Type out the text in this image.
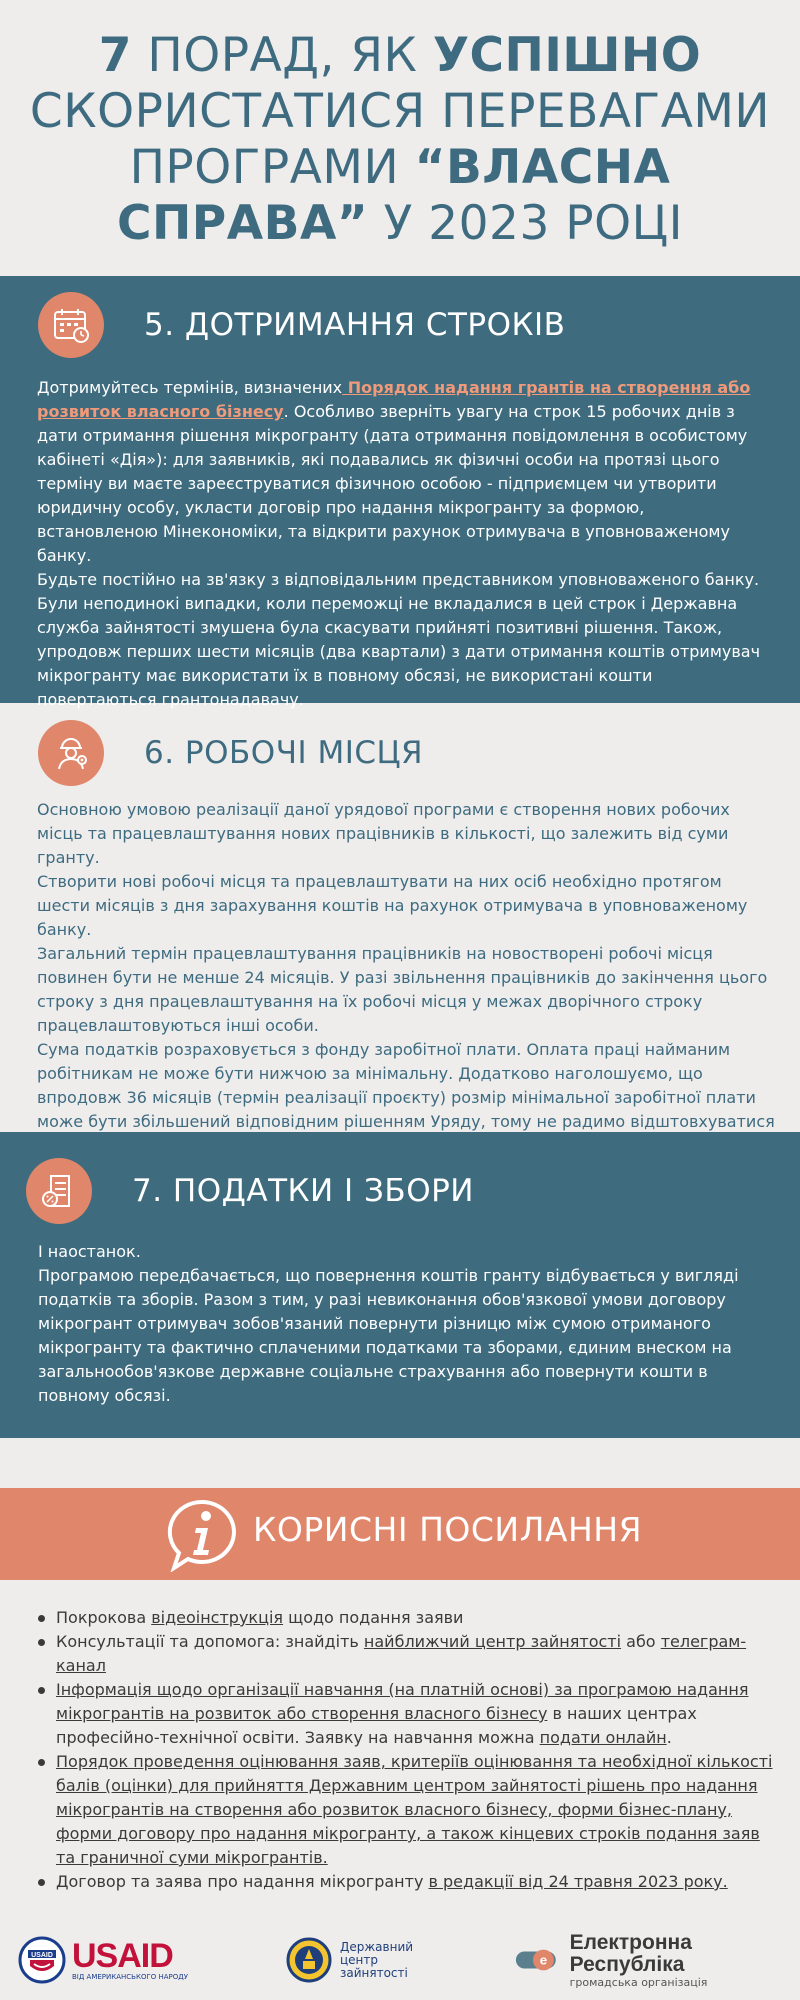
7 ПОРАД, ЯК УСПІШНО
СКОРИСТАТИСЯ ПЕРЕВАГАМИ
ПРОГРАМИ “ВЛАСНА
СПРАВА” У 2023 РОЦІ
5. ДОТРИМАННЯ СТРОКІВ

Дотримуйтесь термінів, визначених Порядок надання грантів на створення або розвиток власного бізнесу. Особливо зверніть увагу на строк 15 робочих днів з дати отримання рішення мікрогранту (дата отримання повідомлення в особистому кабінеті «Дія»): для заявників, які подавались як фізичні особи на протязі цього терміну ви маєте зареєструватися фізичною особою - підприємцем чи утворити юридичну особу, укласти договір про надання мікрогранту за формою, встановленою Мінекономіки, та відкрити рахунок отримувача в уповноваженому банку.

Будьте постійно на зв'язку з відповідальним представником уповноваженого банку.

Були неподинокі випадки, коли переможці не вкладалися в цей строк і Державна служба зайнятості змушена була скасувати прийняті позитивні рішення. Також, упродовж перших шести місяців (два квартали) з дати отримання коштів отримувач мікрогранту має використати їх в повному обсязі, не використані кошти повертаються грантонадавачу.

6. РОБОЧІ МІСЦЯ

Основною умовою реалізації даної урядової програми є створення нових робочих місць та працевлаштування нових працівників в кількості, що залежить від суми гранту.

Створити нові робочі місця та працевлаштувати на них осіб необхідно протягом шести місяців з дня зарахування коштів на рахунок отримувача в уповноваженому банку.

Загальний термін працевлаштування працівників на новостворені робочі місця повинен бути не менше 24 місяців. У разі звільнення працівників до закінчення цього строку з дня працевлаштування на їх робочі місця у межах дворічного строку працевлаштовуються інші особи.

Сума податків розраховується з фонду заробітної плати. Оплата праці найманим робітникам не може бути нижчою за мінімальну. Додатково наголошуємо, що впродовж 36 місяців (термін реалізації проєкту) розмір мінімальної заробітної плати може бути збільшений відповідним рішенням Уряду, тому не радимо відштовхуватися

7. ПОДАТКИ І ЗБОРИ

І наостанок.

Програмою передбачається, що повернення коштів гранту відбувається у вигляді податків та зборів. Разом з тим, у разі невиконання обов'язкової умови договору мікрогрант отримувач зобов'язаний повернути різницю між сумою отриманого мікрогранту та фактично сплаченими податками та зборами, єдиним внеском на загальнообов'язкове державне соціальне страхування або повернути кошти в повному обсязі.

КОРИСНІ ПОСИЛАННЯ
Покрокова відеоінструкція щодо подання заяви
Консультації та допомога: знайдіть найближчий центр зайнятості або телеграм-канал
Інформація щодо організації навчання (на платній основі) за програмою надання мікрогрантів на розвиток або створення власного бізнесу в наших центрах професійно-технічної освіти. Заявку на навчання можна подати онлайн.
Порядок проведення оцінювання заяв, критеріїв оцінювання та необхідної кількості балів (оцінки) для прийняття Державним центром зайнятості рішень про надання мікрогрантів на створення або розвиток власного бізнесу, форми бізнес-плану, форми договору про надання мікрогранту, а також кінцевих строків подання заяв та граничної суми мікрогрантів.
Договор та заява про надання мікрогранту в редакції від 24 травня 2023 року.
USAID USAID
ВІД АМЕРИКАНСЬКОГО НАРОДУ
Державний
центр
зайнятості
e
Електронна Республіка
громадська організація
